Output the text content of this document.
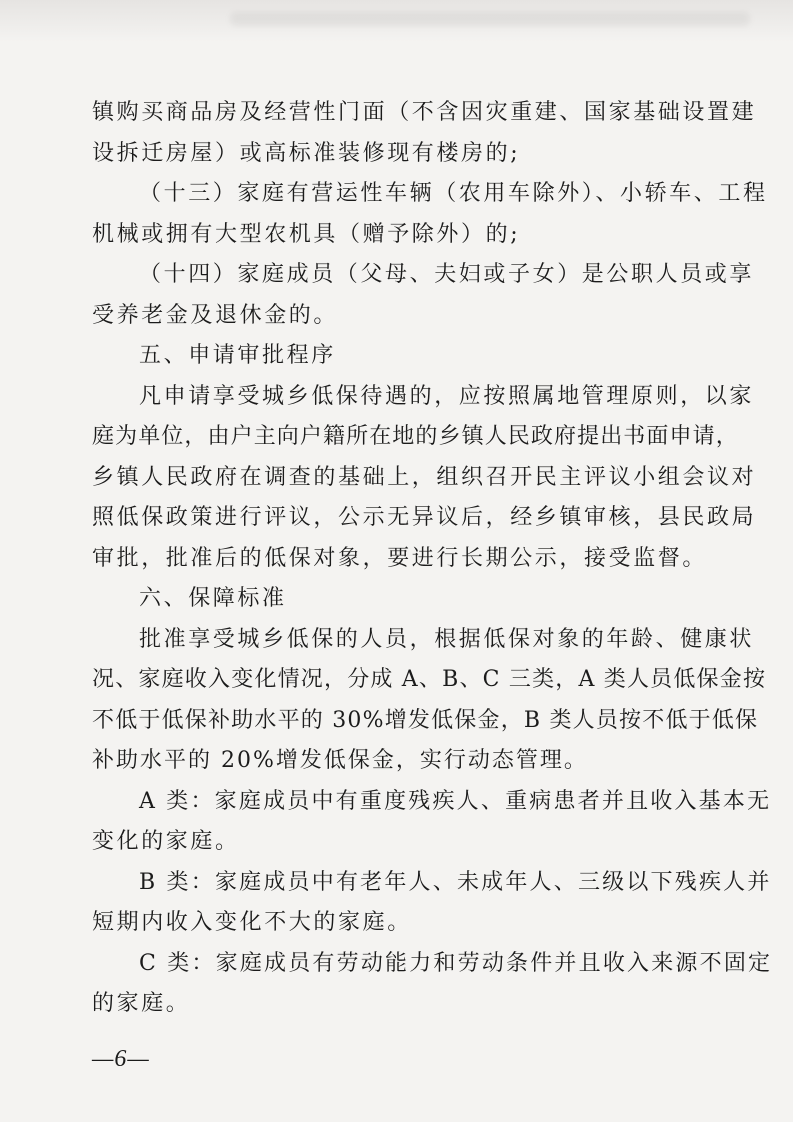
镇购买商品房及经营性门面（不含因灾重建、国家基础设置建
设拆迁房屋）或高标准装修现有楼房的;
（十三）家庭有营运性车辆（农用车除外）、小轿车、工程
机械或拥有大型农机具（赠予除外）的;
（十四）家庭成员（父母、夫妇或子女）是公职人员或享
受养老金及退休金的。
五、申请审批程序
凡申请享受城乡低保待遇的，应按照属地管理原则，以家
庭为单位，由户主向户籍所在地的乡镇人民政府提出书面申请，
乡镇人民政府在调查的基础上，组织召开民主评议小组会议对
照低保政策进行评议，公示无异议后，经乡镇审核，县民政局
审批，批准后的低保对象，要进行长期公示，接受监督。
六、保障标准
批准享受城乡低保的人员，根据低保对象的年龄、健康状
况、家庭收入变化情况，分成 A、B、C 三类，A 类人员低保金按
不低于低保补助水平的 30%增发低保金，B 类人员按不低于低保
补助水平的 20%增发低保金，实行动态管理。
A 类：家庭成员中有重度残疾人、重病患者并且收入基本无
变化的家庭。
B 类：家庭成员中有老年人、未成年人、三级以下残疾人并
短期内收入变化不大的家庭。
C 类：家庭成员有劳动能力和劳动条件并且收入来源不固定
的家庭。
—6—
